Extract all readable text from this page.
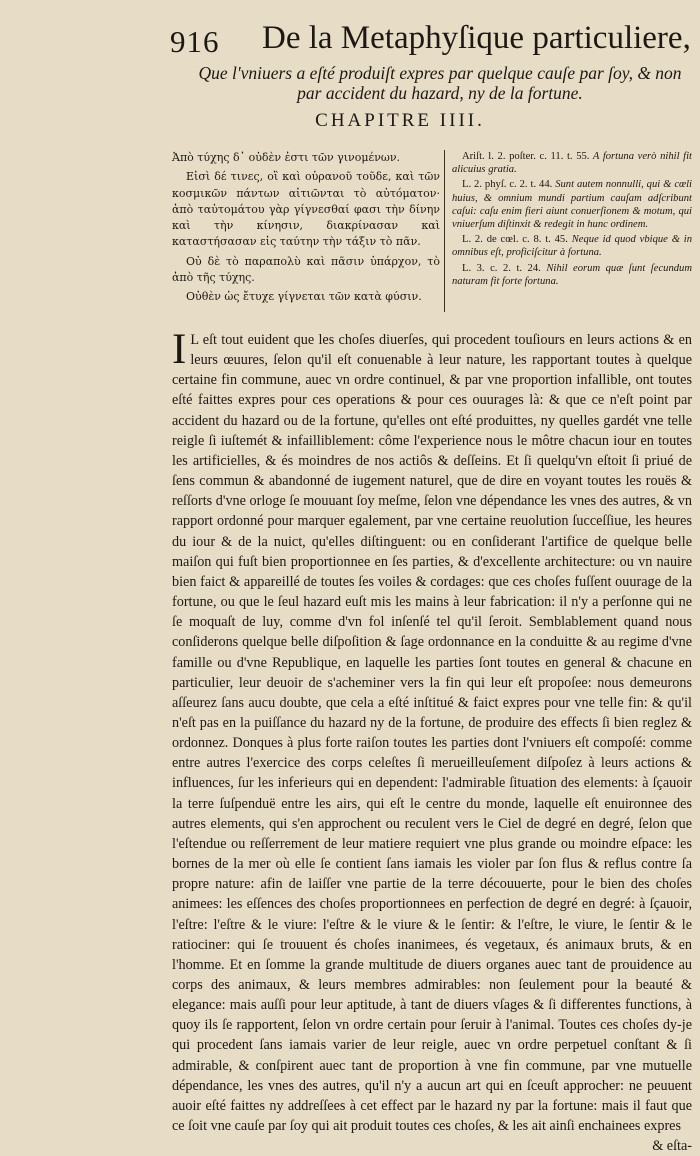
916 De la Metaphyſique particuliere,
Que l'vniuers a eſté produiſt expres par quelque cauſe par ſoy, & non par accident du hazard, ny de la fortune.
CHAPITRE IIII.

Ἀπὸ τύχης δ᾽ οὐδὲν ἐστι τῶν γινομένων.

Εἰσὶ δέ τινες, οἳ καὶ οὐρανοῦ τοῦδε, καὶ τῶν κοσμικῶν πάντων αἰτιῶνται τὸ αὐτόματον· ἀπὸ ταὐτομάτου γὰρ γίγνεσθαί φασι τὴν δίνην καὶ τὴν κίνησιν, διακρίνασαν καὶ καταστήσασαν εἰς ταύτην τὴν τάξιν τὸ πᾶν.

Οὐ δὲ τὸ παραπολὺ καὶ πᾶσιν ὑπάρχον, τὸ ἀπὸ τῆς τύχης.

Οὐθὲν ὡς ἔτυχε γίγνεται τῶν κατὰ φύσιν.

Ariſt. l. 2. poſter. c. 11. t. 55. A fortuna verò nihil fit alicuius gratia.

L. 2. phyſ. c. 2. t. 44. Sunt autem nonnulli, qui & cœli huius, & omnium mundi partium cauſam adſcribunt caſui: caſu enim fieri aiunt conuerſionem & motum, qui vniuerſum diſtinxit & redegit in hunc ordinem.

L. 2. de cœl. c. 8. t. 45. Neque id quod vbique & in omnibus eſt, proficiſcitur à fortuna.

L. 3. c. 2. t. 24. Nihil eorum quæ ſunt ſecundum naturam fit forte fortuna.

I L eſt tout euident que les choſes diuerſes, qui procedent touſiours en leurs actions & en leurs œuures, ſelon qu'il eſt conuenable à leur nature, les rapportant toutes à quelque certaine fin commune, auec vn ordre continuel, & par vne proportion infallible, ont toutes eſté faittes expres pour ces operations & pour ces ouurages là: & que ce n'eſt point par accident du hazard ou de la fortune, qu'elles ont eſté produittes, ny quelles gardét vne telle reigle ſi iuſtemét & infailliblement: côme l'experience nous le môtre chacun iour en toutes les artificielles, & és moindres de nos actiôs & deſſeins. Et ſi quelqu'vn eſtoit ſi priué de ſens commun & abandonné de iugement naturel, que de dire en voyant toutes les rouës & reſſorts d'vne orloge ſe mouuant ſoy meſme, ſelon vne dépendance les vnes des autres, & vn rapport ordonné pour marquer egalement, par vne certaine reuolution ſucceſſiue, les heures du iour & de la nuict, qu'elles diſtinguent: ou en conſiderant l'artifice de quelque belle maiſon qui fuſt bien proportionnee en ſes parties, & d'excellente architecture: ou vn nauire bien faict & appareillé de toutes ſes voiles & cordages: que ces choſes fuſſent ouurage de la fortune, ou que le ſeul hazard euſt mis les mains à leur fabrication: il n'y a perſonne qui ne ſe moquaſt de luy, comme d'vn fol inſenſé tel qu'il ſeroit. Semblablement quand nous conſiderons quelque belle diſpoſition & ſage ordonnance en la conduitte & au regime d'vne famille ou d'vne Republique, en laquelle les parties ſont toutes en general & chacune en particulier, leur deuoir de s'acheminer vers la fin qui leur eſt propoſee: nous demeurons aſſeurez ſans aucu doubte, que cela a eſté inſtitué & faict expres pour vne telle fin: & qu'il n'eſt pas en la puiſſance du hazard ny de la fortune, de produire des effects ſi bien reglez & ordonnez. Donques à plus forte raiſon toutes les parties dont l'vniuers eſt compoſé: comme entre autres l'exercice des corps celeſtes ſi merueilleuſement diſpoſez à leurs actions & influences, ſur les inferieurs qui en dependent: l'admirable ſituation des elements: à ſçauoir la terre ſuſpenduë entre les airs, qui eſt le centre du monde, laquelle eſt enuironnee des autres elements, qui s'en approchent ou reculent vers le Ciel de degré en degré, ſelon que l'eſtendue ou reſſerrement de leur matiere requiert vne plus grande ou moindre eſpace: les bornes de la mer où elle ſe contient ſans iamais les violer par ſon flus & reflus contre ſa propre nature: afin de laiſſer vne partie de la terre découuerte, pour le bien des choſes animees: les eſſences des choſes proportionnees en perfection de degré en degré: à ſçauoir, l'eſtre: l'eſtre & le viure: l'eſtre & le viure & le ſentir: & l'eſtre, le viure, le ſentir & le ratiociner: qui ſe trouuent és choſes inanimees, és vegetaux, és animaux bruts, & en l'homme. Et en ſomme la grande multitude de diuers organes auec tant de prouidence au corps des animaux, & leurs membres admirables: non ſeulement pour la beauté & elegance: mais auſſi pour leur aptitude, à tant de diuers vſages & ſi differentes functions, à quoy ils ſe rapportent, ſelon vn ordre certain pour ſeruir à l'animal. Toutes ces choſes dy-je qui procedent ſans iamais varier de leur reigle, auec vn ordre perpetuel conſtant & ſi admirable, & conſpirent auec tant de proportion à vne fin commune, par vne mutuelle dépendance, les vnes des autres, qu'il n'y a aucun art qui en ſceuſt approcher: ne peuuent auoir eſté faittes ny addreſſees à cet effect par le hazard ny par la fortune: mais il faut que ce ſoit vne cauſe par ſoy qui ait produit toutes ces choſes, & les ait ainſi enchainees expres
& eſta-
